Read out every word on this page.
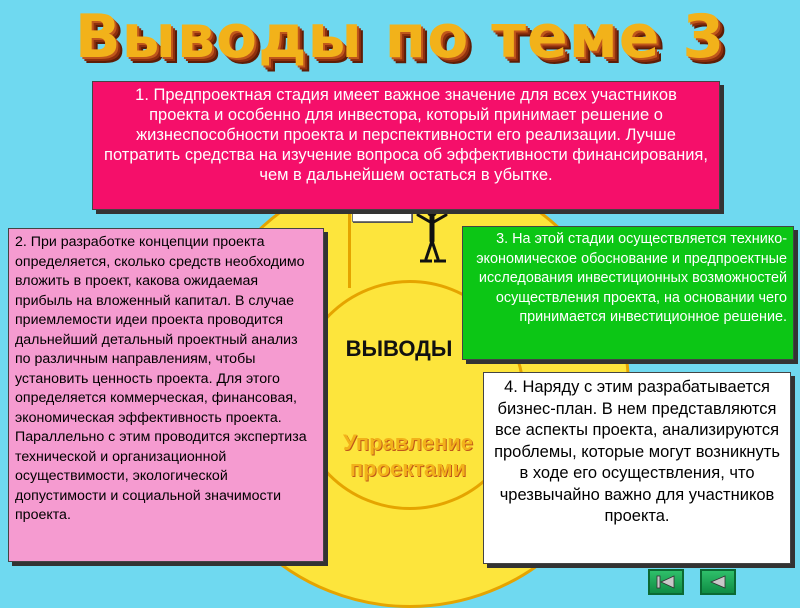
Выводы по теме 3
ВЫВОДЫ
Управление
проектами
1. Предпроектная стадия имеет важное значение для всех участников проекта и особенно для инвестора, который принимает решение о жизнеспособности проекта и перспективности его реализации. Лучше потратить средства на изучение вопроса об эффективности финансирования, чем в дальнейшем остаться в убытке.
2. При разработке концепции проекта определяется, сколько средств необходимо вложить в проект, какова ожидаемая прибыль на вложенный капитал. В случае приемлемости идеи проекта проводится дальнейший детальный проектный анализ по различным направлениям, чтобы установить ценность проекта. Для этого определяется коммерческая, финансовая, экономическая эффективность проекта. Параллельно с этим проводится экспертиза технической и организационной осуществимости, экологической допустимости и социальной значимости проекта.
3. На этой стадии осуществляется технико-экономическое обоснование и предпроектные исследования инвестиционных возможностей осуществления проекта, на основании чего принимается инвестиционное решение.
4. Наряду с этим разрабатывается бизнес-план. В нем представляются все аспекты проекта, анализируются проблемы, которые могут возникнуть в ходе его осуществления, что чрезвычайно важно для участников проекта.
